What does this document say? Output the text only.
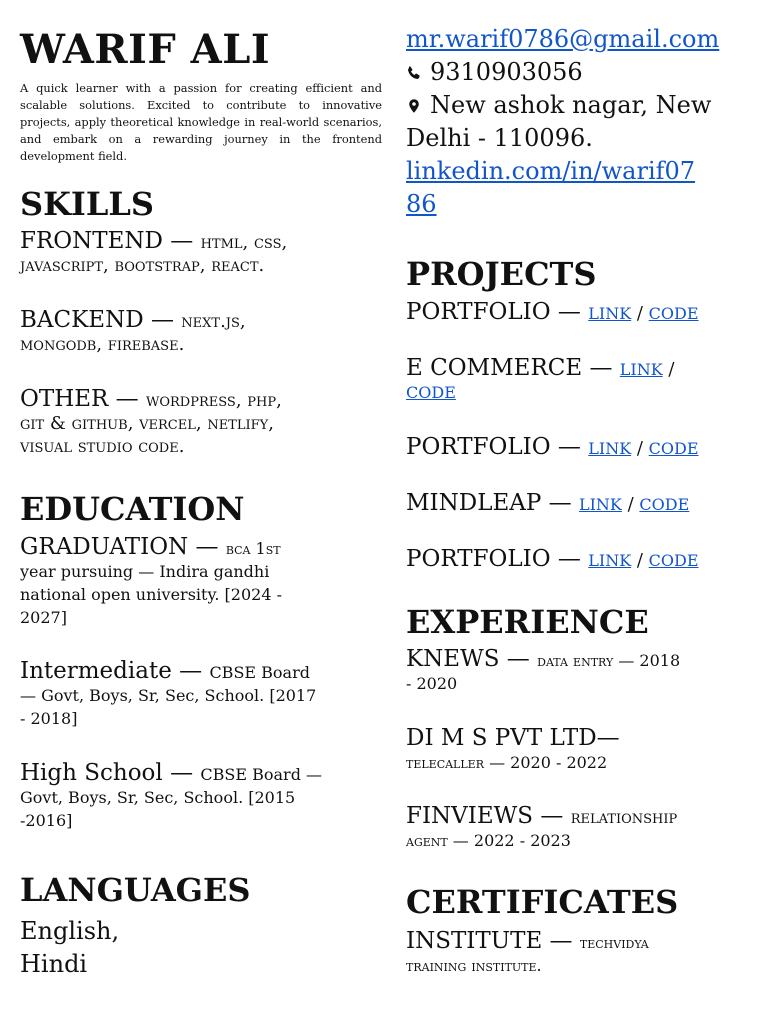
WARIF ALI

A quick learner with a passion for creating efficient and scalable solutions. Excited to contribute to innovative projects, apply theoretical knowledge in real-world scenarios, and embark on a rewarding journey in the frontend development field.

SKILLS
FRONTEND — html, css,
javascript, bootstrap, react.
BACKEND — next.js,
mongodb, firebase.
OTHER — wordpress, php,
git & github, vercel, netlify,
visual studio code.
EDUCATION
GRADUATION — bca 1st
year pursuing — Indira gandhi
national open university. [2024 -
2027]
Intermediate — CBSE Board
— Govt, Boys, Sr, Sec, School. [2017
- 2018]
High School — CBSE Board —
Govt, Boys, Sr, Sec, School. [2015
-2016]
LANGUAGES
English,
Hindi
mr.warif0786@gmail.com
9310903056
New ashok nagar, New
Delhi - 110096.
linkedin.com/in/warif07
86
PROJECTS
PORTFOLIO — LINK / CODE
E COMMERCE — LINK /
CODE
PORTFOLIO — LINK / CODE
MINDLEAP — LINK / CODE
PORTFOLIO — LINK / CODE
EXPERIENCE
KNEWS — data entry — 2018
- 2020
DI M S PVT LTD—
telecaller — 2020 - 2022
FINVIEWS — relationship
agent — 2022 - 2023
CERTIFICATES
INSTITUTE — techvidya
training institute.
